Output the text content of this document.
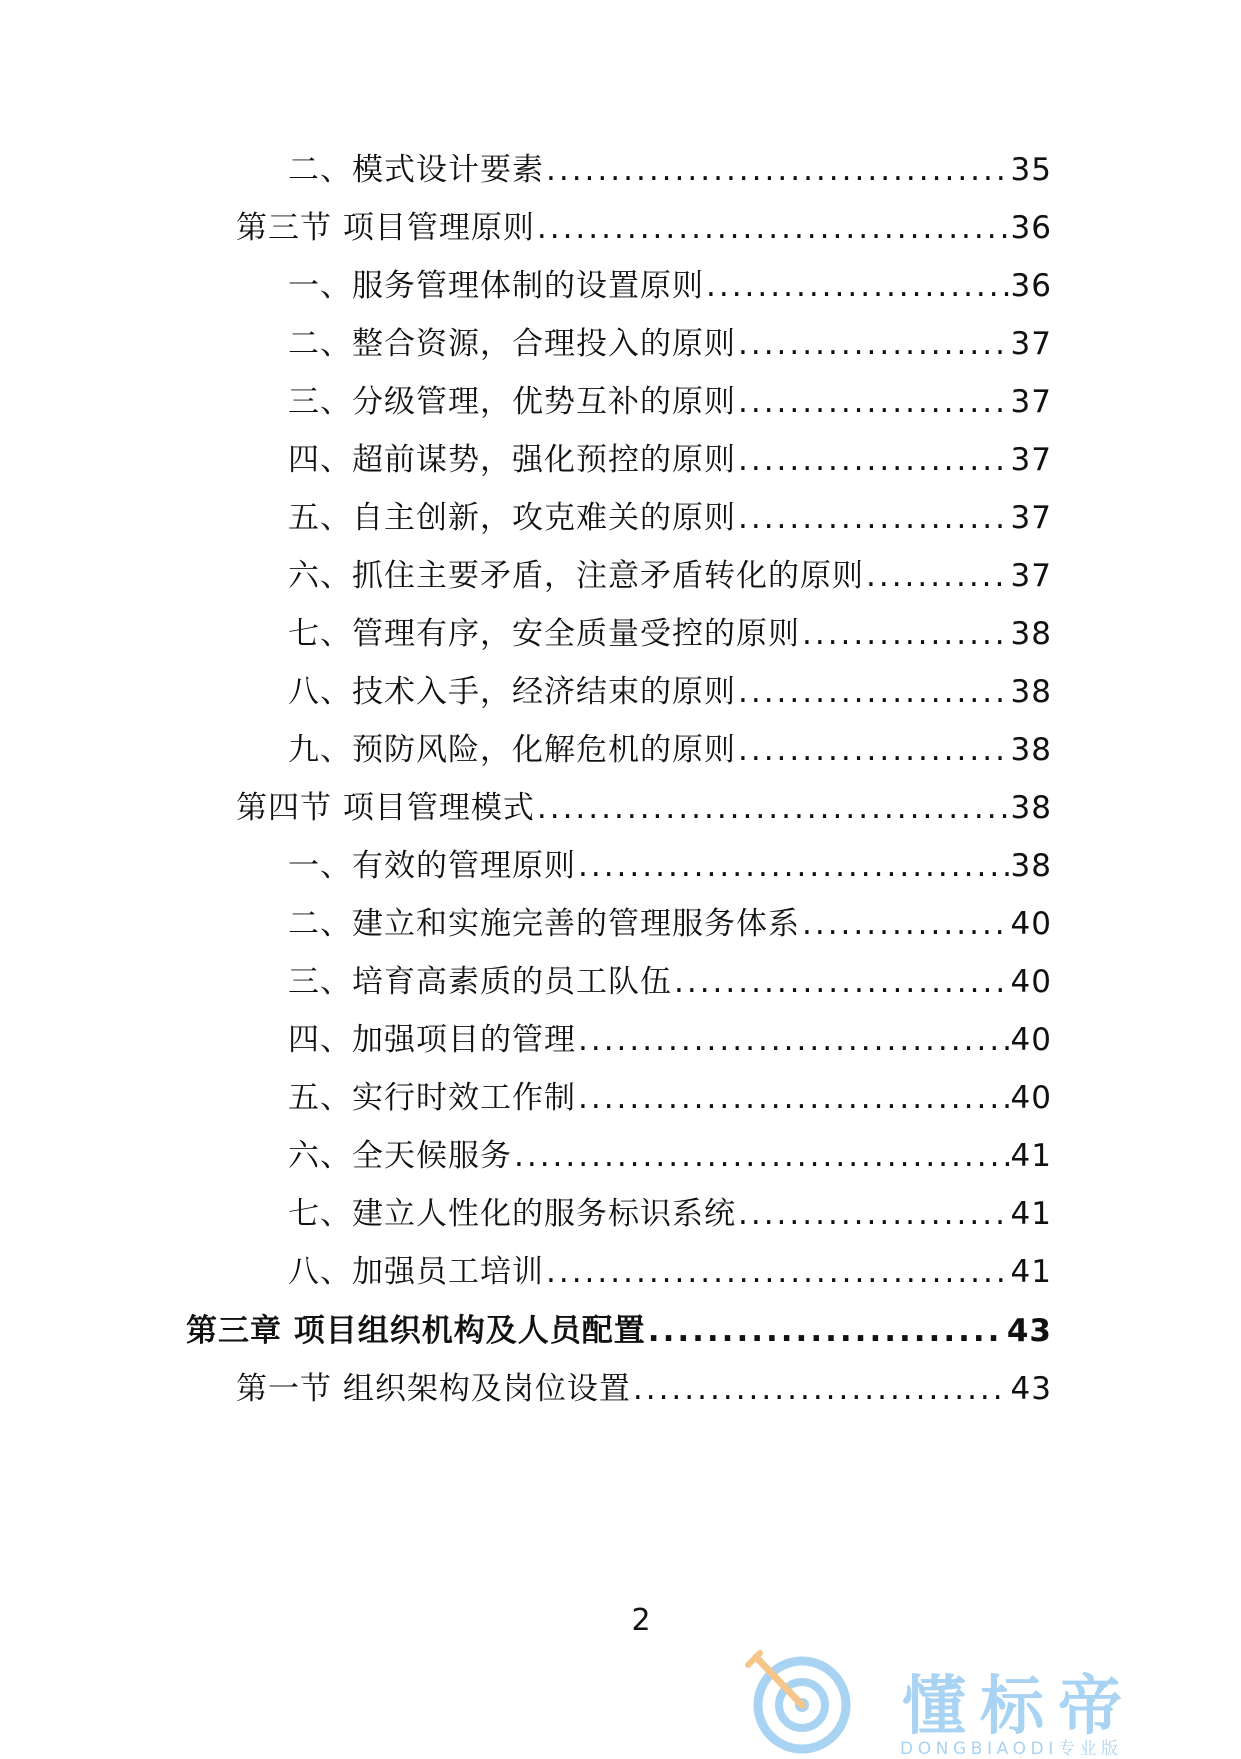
二、模式设计要素 .....	35
第三节 项目管理原则 .....	36
一、服务管理体制的设置原则 .....	36
二、整合资源，合理投入的原则 .....	37
三、分级管理，优势互补的原则 .....	37
四、超前谋势，强化预控的原则 .....	37
五、自主创新，攻克难关的原则 .....	37
六、抓住主要矛盾，注意矛盾转化的原则 .....	37
七、管理有序，安全质量受控的原则 .....	38
八、技术入手，经济结束的原则 .....	38
九、预防风险，化解危机的原则 .....	38
第四节 项目管理模式 .....	38
一、有效的管理原则 .....	38
二、建立和实施完善的管理服务体系 .....	40
三、培育高素质的员工队伍 .....	40
四、加强项目的管理 .....	40
五、实行时效工作制 .....	40
六、全天候服务 .....	41
七、建立人性化的服务标识系统 .....	41
八、加强员工培训 .....	41
第三章 项目组织机构及人员配置 .....	43
第一节 组织架构及岗位设置 .....	43
2
懂标帝
DONGBIAODI专业版
